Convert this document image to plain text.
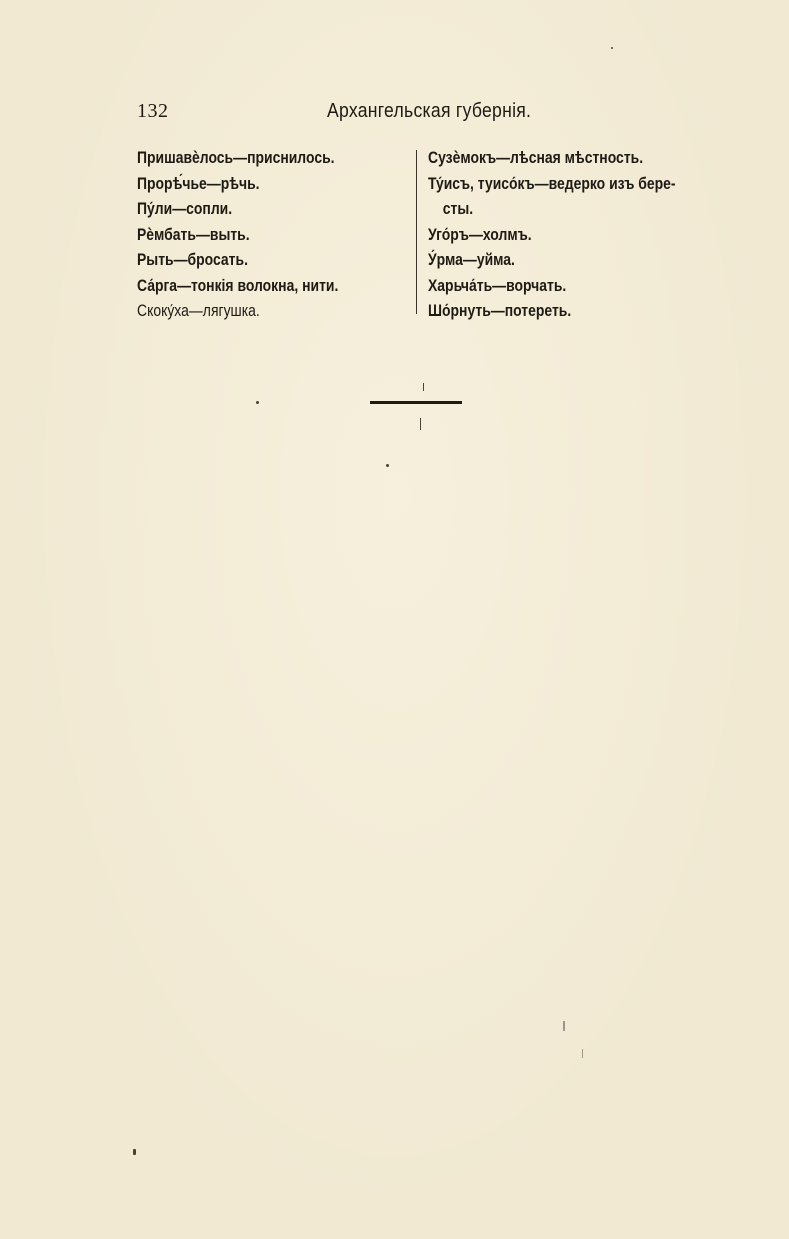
132	Архангельская губернія.
Пришавѐлось—приснилось.
Прорѣ́чье—рѣчь.
Пу́ли—сопли.
Рѐмбать—выть.
Рыть—бросать.
Са́рга—тонкія волокна, нити.
Скоку́ха—лягушка.
Сузѐмокъ—лѣсная мѣстность.
Ту́исъ, туисо́къ—ведерко изъ бере-
сты.
Уго́ръ—холмъ.
У́рма—уйма.
Харьча́ть—ворчать.
Шо́рнуть—потереть.
